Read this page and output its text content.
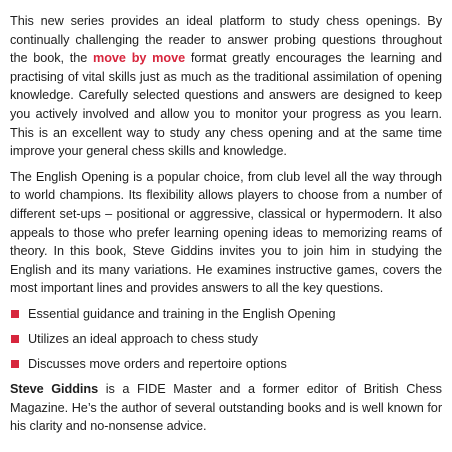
This new series provides an ideal platform to study chess openings. By continually challenging the reader to answer probing questions throughout the book, the move by move format greatly encourages the learning and practising of vital skills just as much as the traditional assimilation of opening knowledge. Carefully selected questions and answers are designed to keep you actively involved and allow you to monitor your progress as you learn. This is an excellent way to study any chess opening and at the same time improve your general chess skills and knowledge.

The English Opening is a popular choice, from club level all the way through to world champions. Its flexibility allows players to choose from a number of different set-ups – positional or aggressive, classical or hypermodern. It also appeals to those who prefer learning opening ideas to memorizing reams of theory. In this book, Steve Giddins invites you to join him in studying the English and its many variations. He examines instructive games, covers the most important lines and provides answers to all the key questions.

Essential guidance and training in the English Opening
Utilizes an ideal approach to chess study
Discusses move orders and repertoire options

Steve Giddins is a FIDE Master and a former editor of British Chess Magazine. He’s the author of several outstanding books and is well known for his clarity and no-nonsense advice.
